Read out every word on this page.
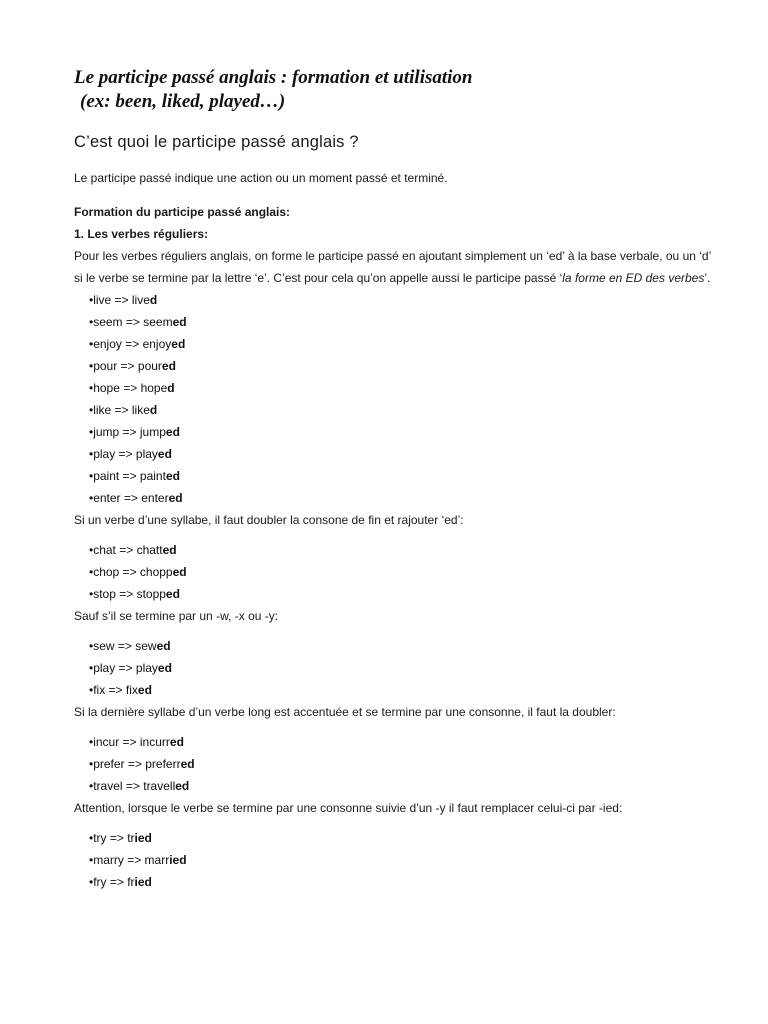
Le participe passé anglais : formation et utilisation
(ex: been, liked, played…)
C’est quoi le participe passé anglais ?

Le participe passé indique une action ou un moment passé et terminé.

Formation du participe passé anglais:

1. Les verbes réguliers:

Pour les verbes réguliers anglais, on forme le participe passé en ajoutant simplement un ‘ed’ à la base verbale, ou un ‘d’ si le verbe se termine par la lettre ‘e’. C’est pour cela qu’on appelle aussi le participe passé ‘la forme en ED des verbes’.

•live => lived
•seem => seemed
•enjoy => enjoyed
•pour => poured
•hope => hoped
•like => liked
•jump => jumped
•play => played
•paint => painted
•enter => entered

Si un verbe d’une syllabe, il faut doubler la consone de fin et rajouter ‘ed’:

•chat => chatted
•chop => chopped
•stop => stopped

Sauf s’il se termine par un -w, -x ou -y:

•sew => sewed
•play => played
•fix => fixed

Si la dernière syllabe d’un verbe long est accentuée et se termine par une consonne, il faut la doubler:

•incur => incurred
•prefer => preferred
•travel => travelled

Attention, lorsque le verbe se termine par une consonne suivie d’un -y il faut remplacer celui-ci par -ied:

•try => tried
•marry => married
•fry => fried
